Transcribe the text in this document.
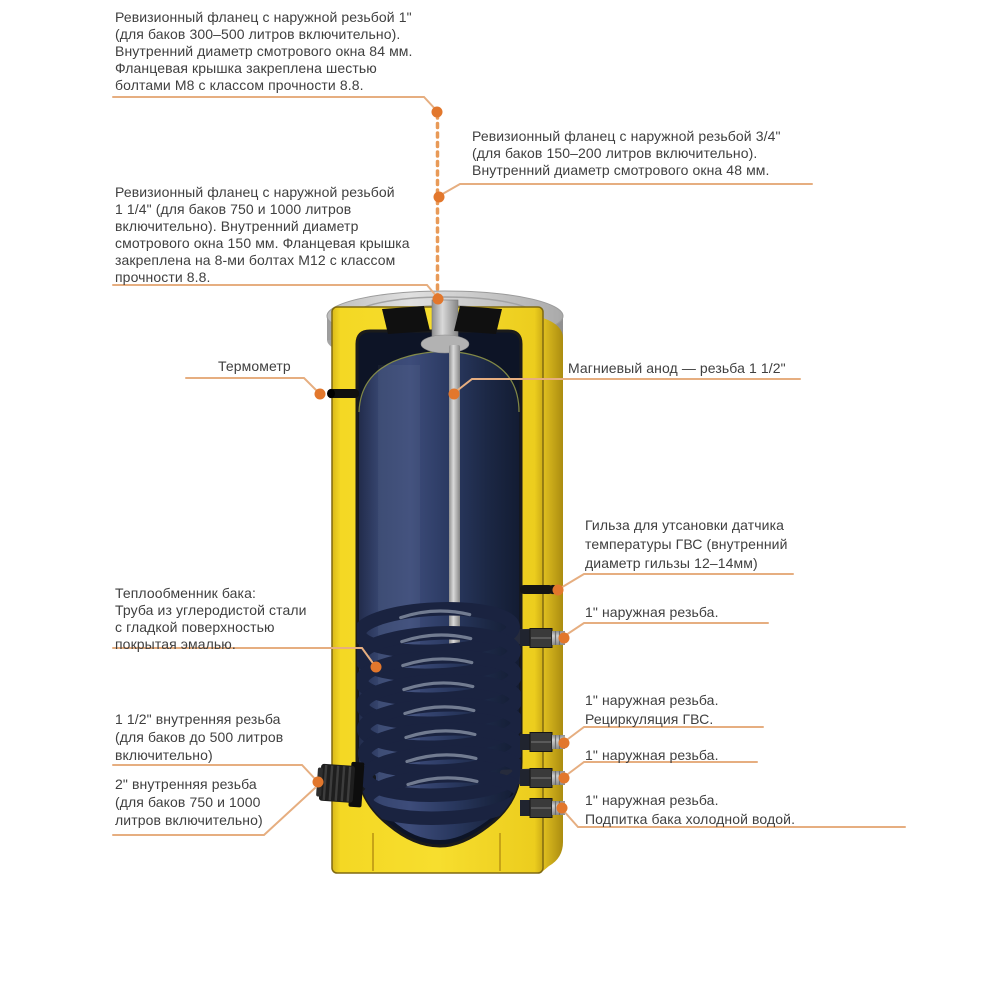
Ревизионный фланец с наружной резьбой 1"
(для баков 300–500 литров включительно).
Внутренний диаметр смотрового окна 84 мм.
Фланцевая крышка закреплена шестью
болтами М8 с классом прочности 8.8.
Ревизионный фланец с наружной резьбой 3/4"
(для баков 150–200 литров включительно).
Внутренний диаметр смотрового окна 48 мм.
Ревизионный фланец с наружной резьбой
1 1/4" (для баков 750 и 1000 литров
включительно). Внутренний диаметр
смотрового окна 150 мм. Фланцевая крышка
закреплена на 8-ми болтах М12 с классом
прочности 8.8.
Термометр	Магниевый анод — резьба 1 1/2"
Гильза для утсановки датчика
температуры ГВС (внутренний
диаметр гильзы 12–14мм)
1" наружная резьба.
1" наружная резьба.
Рециркуляция ГВС.
1" наружная резьба.
1" наружная резьба.
Подпитка бака холодной водой.
Теплообменник бака:
Труба из углеродистой стали
с гладкой поверхностью
покрытая эмалью.
1 1/2" внутренняя резьба
(для баков до 500 литров
включительно)
2" внутренняя резьба
(для баков 750 и 1000
литров включительно)
